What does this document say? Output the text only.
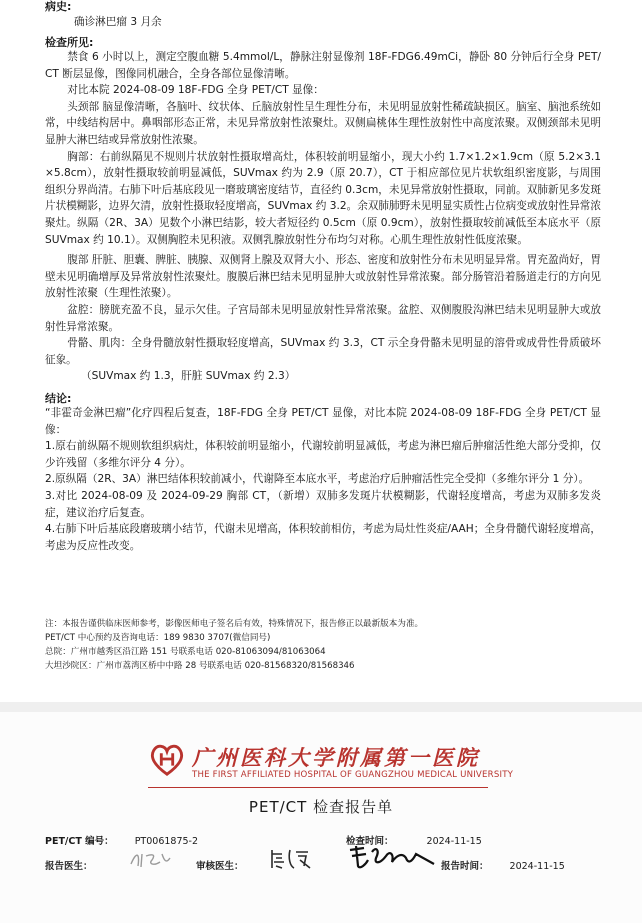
病史:
确诊淋巴瘤 3 月余
检查所见:

禁食 6 小时以上，测定空腹血糖 5.4mmol/L，静脉注射显像剂 18F-FDG6.49mCi，静卧 80 分钟后行全身 PET/CT 断层显像，图像同机融合，全身各部位显像清晰。

对比本院 2024-08-09 18F-FDG 全身 PET/CT 显像：

头颈部 脑显像清晰，各脑叶、纹状体、丘脑放射性呈生理性分布，未见明显放射性稀疏缺损区。脑室、脑池系统如常，中线结构居中。鼻咽部形态正常，未见异常放射性浓聚灶。双侧扁桃体生理性放射性中高度浓聚。双侧颈部未见明显肿大淋巴结或异常放射性浓聚。

胸部：右前纵隔见不规则片状放射性摄取增高灶，体积较前明显缩小，现大小约 1.7×1.2×1.9cm（原 5.2×3.1×5.8cm），放射性摄取较前明显减低，SUVmax 约为 2.9（原 20.7），CT 于相应部位见片状软组织密度影，与周围组织分界尚清。右肺下叶后基底段见一磨玻璃密度结节，直径约 0.3cm，未见异常放射性摄取，同前。双肺新见多发斑片状模糊影，边界欠清，放射性摄取轻度增高，SUVmax 约 3.2。余双肺肺野未见明显实质性占位病变或放射性异常浓聚灶。纵隔（2R、3A）见数个小淋巴结影，较大者短径约 0.5cm（原 0.9cm），放射性摄取较前减低至本底水平（原 SUVmax 约 10.1）。双侧胸腔未见积液。双侧乳腺放射性分布均匀对称。心肌生理性放射性低度浓聚。

腹部 肝脏、胆囊、脾脏、胰腺、双侧肾上腺及双肾大小、形态、密度和放射性分布未见明显异常。胃充盈尚好，胃壁未见明确增厚及异常放射性浓聚灶。腹膜后淋巴结未见明显肿大或放射性异常浓聚。部分肠管沿着肠道走行的方向见放射性浓聚（生理性浓聚）。

盆腔：膀胱充盈不良，显示欠佳。子宫局部未见明显放射性异常浓聚。盆腔、双侧腹股沟淋巴结未见明显肿大或放射性异常浓聚。

骨骼、肌肉：全身骨髓放射性摄取轻度增高，SUVmax 约 3.3，CT 示全身骨骼未见明显的溶骨或成骨性骨质破坏征象。

（SUVmax 约 1.3，肝脏 SUVmax 约 2.3）

结论:

“非霍奇金淋巴瘤”化疗四程后复查，18F-FDG 全身 PET/CT 显像，对比本院 2024-08-09 18F-FDG 全身 PET/CT 显像：

1.原右前纵隔不规则软组织病灶，体积较前明显缩小，代谢较前明显减低，考虑为淋巴瘤后肿瘤活性绝大部分受抑，仅少许残留（多维尔评分 4 分）。

2.原纵隔（2R、3A）淋巴结体积较前减小，代谢降至本底水平，考虑治疗后肿瘤活性完全受抑（多维尔评分 1 分）。

3.对比 2024-08-09 及 2024-09-29 胸部 CT，（新增）双肺多发斑片状模糊影，代谢轻度增高，考虑为双肺多发炎症，建议治疗后复查。

4.右肺下叶后基底段磨玻璃小结节，代谢未见增高，体积较前相仿，考虑为局灶性炎症/AAH；全身骨髓代谢轻度增高，考虑为反应性改变。

注：本报告谨供临床医师参考，影像医师电子签名后有效，特殊情况下，报告修正以最新版本为准。
PET/CT 中心预约及咨询电话：189 9830 3707(微信同号)
总院：广州市越秀区沿江路 151 号联系电话 020-81063094/81063064
大坦沙院区：广州市荔湾区桥中中路 28 号联系电话 020-81568320/81568346
广州医科大学附属第一医院
THE FIRST AFFILIATED HOSPITAL OF GUANGZHOU MEDICAL UNIVERSITY
PET/CT 检查报告单
PET/CT 编号： PT0061875-2	检查时间：	2024-11-15
报告医生：	审核医生：	报告时间： 2024-11-15
